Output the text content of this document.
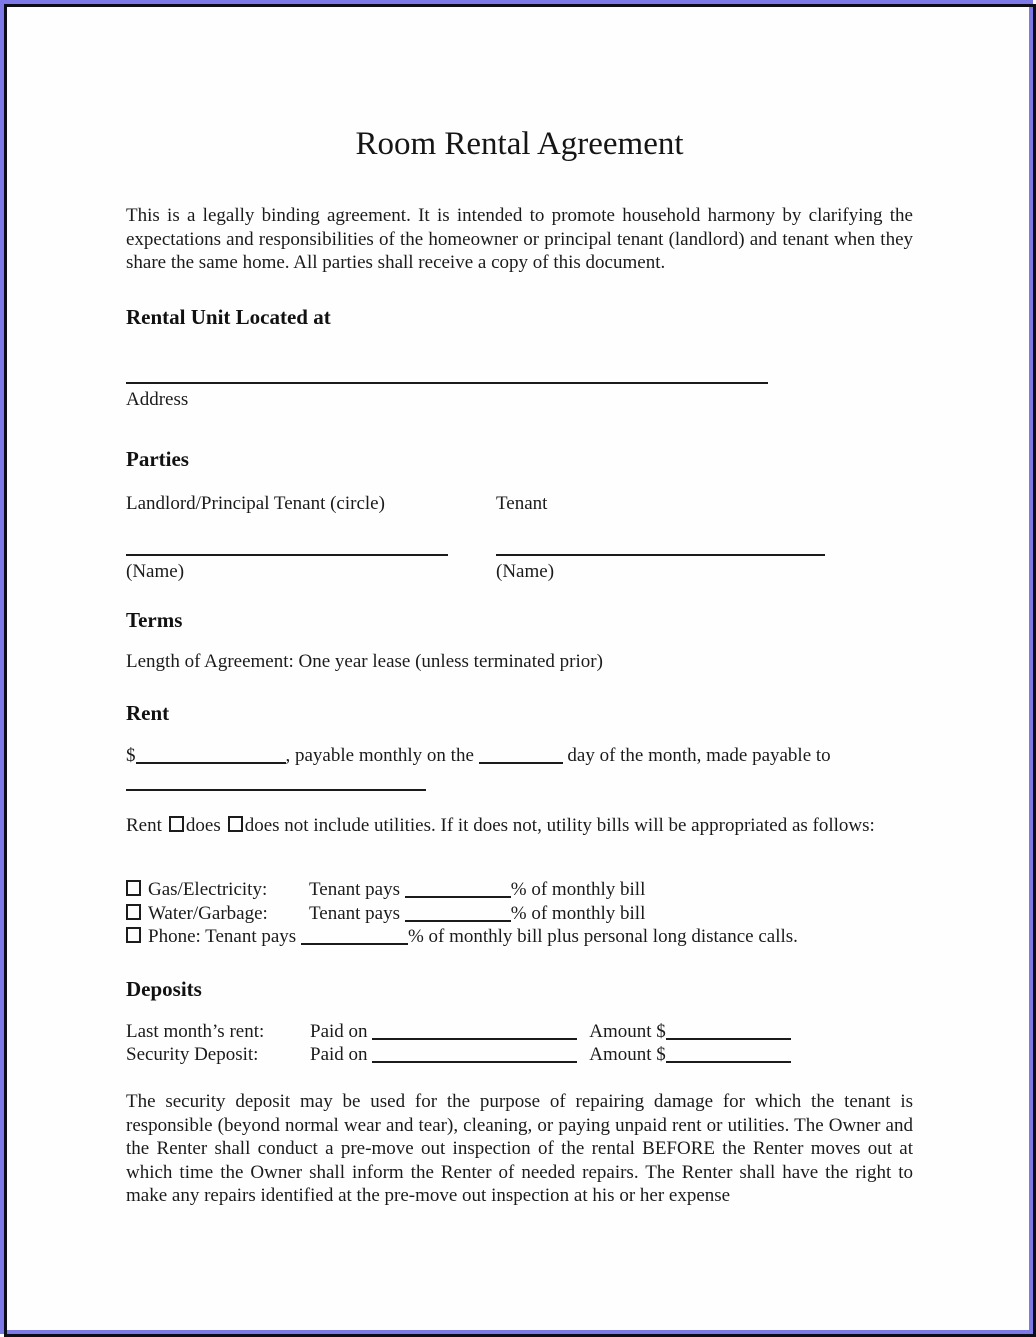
Room Rental Agreement
This is a legally binding agreement. It is intended to promote household harmony by clarifying the expectations and responsibilities of the homeowner or principal tenant (landlord) and tenant when they share the same home. All parties shall receive a copy of this document.
Rental Unit Located at
Address
Parties
Landlord/Principal Tenant (circle)	Tenant
(Name)	(Name)
Terms
Length of Agreement: One year lease (unless terminated prior)
Rent
$	, payable monthly on the	day of the month, made payable to
Rent does does not include utilities. If it does not, utility bills will be appropriated as follows:
Gas/Electricity: Tenant pays	% of monthly bill
Water/Garbage: Tenant pays	% of monthly bill
Phone: Tenant pays	% of monthly bill plus personal long distance calls.
Deposits
Last month’s rent: Paid on	Amount $
Security Deposit:	Paid on	Amount $
The security deposit may be used for the purpose of repairing damage for which the tenant is responsible (beyond normal wear and tear), cleaning, or paying unpaid rent or utilities. The Owner and the Renter shall conduct a pre-move out inspection of the rental BEFORE the Renter moves out at which time the Owner shall inform the Renter of needed repairs. The Renter shall have the right to make any repairs identified at the pre-move out inspection at his or her expense
